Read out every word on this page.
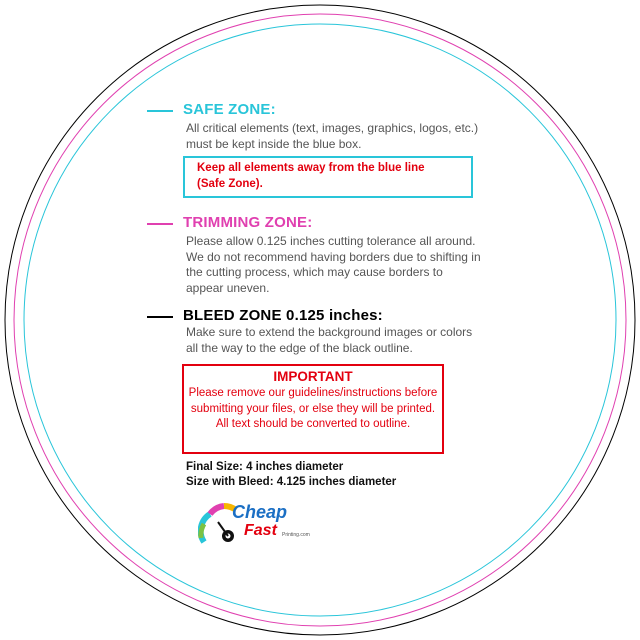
SAFE ZONE:
All critical elements (text, images, graphics, logos, etc.)
must be kept inside the blue box.
Keep all elements away from the blue line
(Safe Zone).
TRIMMING ZONE:
Please allow 0.125 inches cutting tolerance all around.
We do not recommend having borders due to shifting in
the cutting process, which may cause borders to
appear uneven.
BLEED ZONE 0.125 inches:
Make sure to extend the background images or colors
all the way to the edge of the black outline.
IMPORTANT
Please remove our guidelines/instructions before
submitting your files, or else they will be printed.
All text should be converted to outline.
Final Size: 4 inches diameter
Size with Bleed: 4.125 inches diameter
Cheap
Fast Printing.com
